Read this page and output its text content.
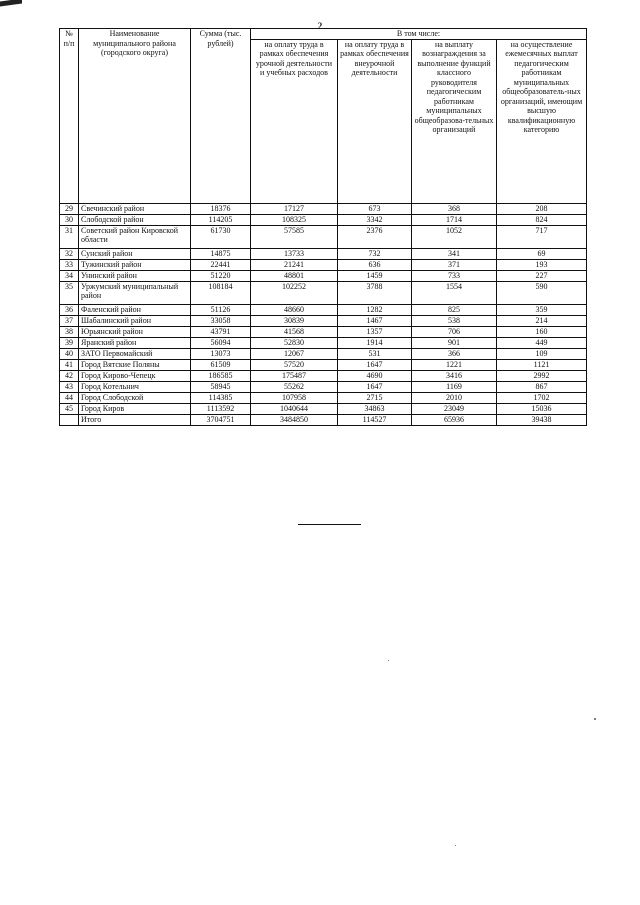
2
№ п/п	Наименование муниципального района (городского округа)	Сумма (тыс. рублей)	В том числе:			
			на оплату труда в рамках обеспечения урочной деятельности и учебных расходов	на оплату труда в рамках обеспечения внеурочной деятельности	на выплату вознаграждения за выполнение функций классного руководителя педагогическим работникам муниципальных общеобразова-тельных организаций	на осуществление ежемесячных выплат педагогическим работникам муниципальных общеобразователь-ных организаций, имеющим высшую квалификационную категорию
29	Свечинский район	18376	17127	673	368	208
30	Слободской район	114205	108325	3342	1714	824
31	Советский район Кировской области	61730	57585	2376	1052	717
32	Сунский район	14875	13733	732	341	69
33	Тужинский район	22441	21241	636	371	193
34	Унинский район	51220	48801	1459	733	227
35	Уржумский муниципальный район	108184	102252	3788	1554	590
36	Фаленский район	51126	48660	1282	825	359
37	Шабалинский район	33058	30839	1467	538	214
38	Юрьянский район	43791	41568	1357	706	160
39	Яранский район	56094	52830	1914	901	449
40	ЗАТО Первомайский	13073	12067	531	366	109
41	Город Вятские Поляны	61509	57520	1647	1221	1121
42	Город Кирово-Чепецк	186585	175487	4690	3416	2992
43	Город Котельнич	58945	55262	1647	1169	867
44	Город Слободской	114385	107958	2715	2010	1702
45	Город Киров	1113592	1040644	34863	23049	15036
	Итого	3704751	3484850	114527	65936	39438
